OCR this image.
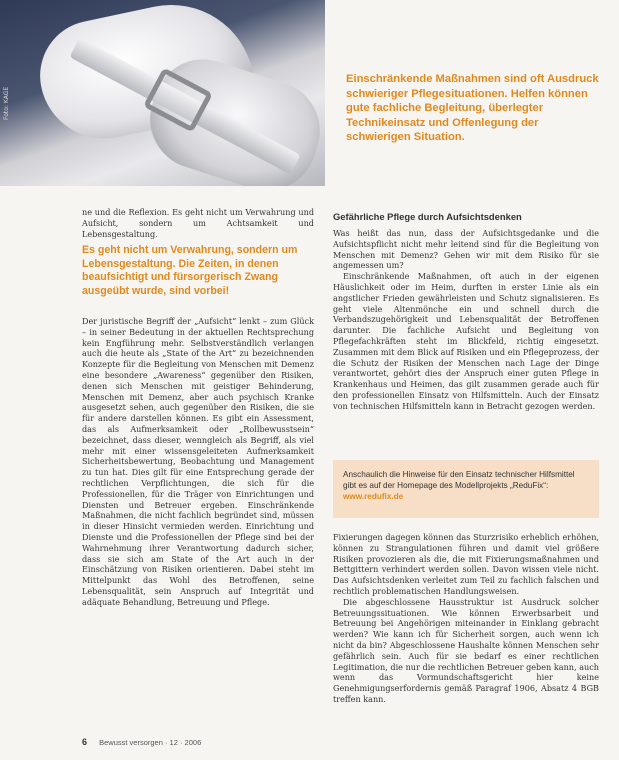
Foto: KAGE
Einschränkende Maßnahmen sind oft Ausdruck schwieriger Pflegesituationen. Helfen können gute fachliche Begleitung, überlegter Technikeinsatz und Offenlegung der schwierigen Situation.

ne und die Reflexion. Es geht nicht um Verwahrung und Aufsicht, sondern um Achtsamkeit und Lebensgestaltung.

Es geht nicht um Verwahrung, sondern um Lebensgestaltung. Die Zeiten, in denen beaufsichtigt und fürsorgerisch Zwang ausgeübt wurde, sind vorbei!

Der juristische Begriff der „Aufsicht“ lenkt – zum Glück – in seiner Bedeutung in der aktuellen Rechtsprechung kein Engführung mehr. Selbstverständlich verlangen auch die heute als „State of the Art“ zu bezeichnenden Konzepte für die Begleitung von Menschen mit Demenz eine besondere „Awareness“ gegenüber den Risiken, denen sich Menschen mit geistiger Behinderung, Menschen mit Demenz, aber auch psychisch Kranke ausgesetzt sehen, auch gegenüber den Risiken, die sie für andere darstellen können. Es gibt ein Assessment, das als Aufmerksamkeit oder „Rollbewusstsein“ bezeichnet, dass dieser, wenngleich als Begriff, als viel mehr mit einer wissensgeleiteten Aufmerksamkeit Sicherheitsbewertung, Beobachtung und Management zu tun hat. Dies gilt für eine Entsprechung gerade der rechtlichen Verpflichtungen, die sich für die Professionellen, für die Träger von Einrichtungen und Diensten und Betreuer ergeben. Einschränkende Maßnahmen, die nicht fachlich begründet sind, müssen in dieser Hinsicht vermieden werden. Einrichtung und Dienste und die Professionellen der Pflege sind bei der Wahrnehmung ihrer Verantwortung dadurch sicher, dass sie sich am State of the Art auch in der Einschätzung von Risiken orientieren. Dabei steht im Mittelpunkt das Wohl des Betroffenen, seine Lebensqualität, sein Anspruch auf Integrität und adäquate Behandlung, Betreuung und Pflege.

Gefährliche Pflege durch Aufsichtsdenken

Was heißt das nun, dass der Aufsichtsgedanke und die Aufsichtspflicht nicht mehr leitend sind für die Begleitung von Menschen mit Demenz? Gehen wir mit dem Risiko für sie angemessen um?

Einschränkende Maßnahmen, oft auch in der eigenen Häuslichkeit oder im Heim, durften in erster Linie als ein angstlicher Frieden gewährleisten und Schutz signalisieren. Es geht viele Altenmönche ein und schnell durch die Verbandszugehörigkeit und Lebensqualität der Betroffenen darunter. Die fachliche Aufsicht und Begleitung von Pflegefachkräften steht im Blickfeld, richtig eingesetzt. Zusammen mit dem Blick auf Risiken und ein Pflegeprozess, der die Schutz der Risiken der Menschen nach Lage der Dinge verantwortet, gehört dies der Anspruch einer guten Pflege in Krankenhaus und Heimen, das gilt zusammen gerade auch für den professionellen Einsatz von Hilfsmitteln. Auch der Einsatz von technischen Hilfsmitteln kann in Betracht gezogen werden.

Anschaulich die Hinweise für den Einsatz technischer Hilfsmittel gibt es auf der Homepage des Modellprojekts „ReduFix“: www.redufix.de

Fixierungen dagegen können das Sturzrisiko erheblich erhöhen, können zu Strangulationen führen und damit viel größere Risiken provozieren als die, die mit Fixierungsmaßnahmen und Bettgittern verhindert werden sollen. Davon wissen viele nicht. Das Aufsichtsdenken verleitet zum Teil zu fachlich falschen und rechtlich problematischen Handlungsweisen.

Die abgeschlossene Hausstruktur ist Ausdruck solcher Betreuungssituationen. Wie können Erwerbsarbeit und Betreuung bei Angehörigen miteinander in Einklang gebracht werden? Wie kann ich für Sicherheit sorgen, auch wenn ich nicht da bin? Abgeschlossene Haushalte können Menschen sehr gefährlich sein. Auch für sie bedarf es einer rechtlichen Legitimation, die nur die rechtlichen Betreuer geben kann, auch wenn das Vormundschaftsgericht hier keine Genehmigungserfordernis gemäß Paragraf 1906, Absatz 4 BGB treffen kann.

6 Bewusst versorgen · 12 · 2006
